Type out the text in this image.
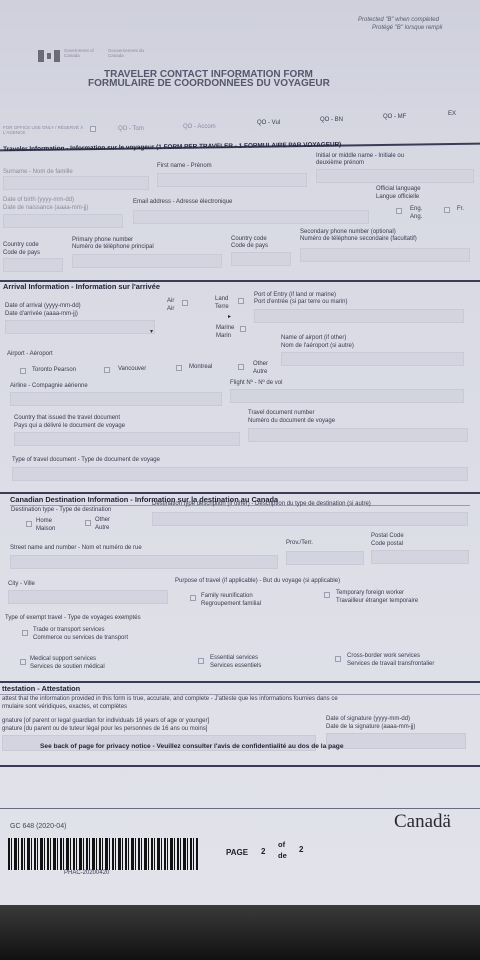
Protected "B" when completed
Protégé "B" lorsque rempli
Government of Canada
Gouvernement du Canada
TRAVELER CONTACT INFORMATION FORM
FORMULAIRE DE COORDONNÉES DU VOYAGEUR
FOR OFFICE USE ONLY / RÉSERVÉ À L'AGENCE
QO - Tom	QO - Accom
QO - Vul	QO - BN	QO - MF	EX
Traveler Information - Information sur le voyageur (1 FORM PER TRAVELER - 1 FORMULAIRE PAR VOYAGEUR)
Surname - Nom de famille
First name - Prénom
Initial or middle name - Initiale ou
deuxième prénom
Date of birth (yyyy-mm-dd)
Date de naissance (aaaa-mm-jj)
Email address - Adresse électronique
Official language
Langue officielle
Eng.
Ang.
Fr.
Country code
Code de pays
Primary phone number
Numéro de téléphone principal
Country code
Code de pays
Secondary phone number (optional)
Numéro de téléphone secondaire (facultatif)
Arrival Information - Information sur l'arrivée
Date of arrival (yyyy-mm-dd)
Date d'arrivée (aaaa-mm-jj)
▾
Air
Air
Land
Terre
▸
Marine
Marin
Port of Entry (if land or marine)
Port d'entrée (si par terre ou marin)
Name of airport (if other)
Nom de l'aéroport (si autre)
Airport - Aéroport
Toronto Pearson	Vancouver	Montreal	Other
Autre
Airline - Compagnie aérienne	Flight Nº - Nº de vol
Country that issued the travel document
Pays qui a délivré le document de voyage
Travel document number
Numéro du document de voyage
Type of travel document - Type de document de voyage
Canadian Destination Information - Information sur la destination au Canada
Destination type - Type de destination
Destination type description (if other) - Description du type de destination (si autre)
Home
Maison
Other
Autre
Street name and number - Nom et numéro de rue
Prov./Terr.
Postal Code
Code postal
City - Ville	Purpose of travel (if applicable) - But du voyage (si applicable)
Family reunification
Regroupement familial
Temporary foreign worker
Travailleur étranger temporaire
Type of exempt travel - Type de voyages exemptés
Trade or transport services
Commerce ou services de transport
Medical support services
Services de soutien médical
Essential services
Services essentiels
Cross-border work services
Services de travail transfrontalier
ttestation - Attestation
attest that the information provided in this form is true, accurate, and complete - J'atteste que les informations fournies dans ce
rmulaire sont véridiques, exactes, et complètes
gnature [of parent or legal guardian for individuals 16 years of age or younger]
gnature [du parent ou de tuteur légal pour les personnes de 16 ans ou moins]
Date of signature (yyyy-mm-dd)
Date de la signature (aaaa-mm-jj)
See back of page for privacy notice - Veuillez consulter l'avis de confidentialité au dos de la page
GC 648 (2020-04)	Canadä
PHAC-20200420
PAGE 2
of
de
2
